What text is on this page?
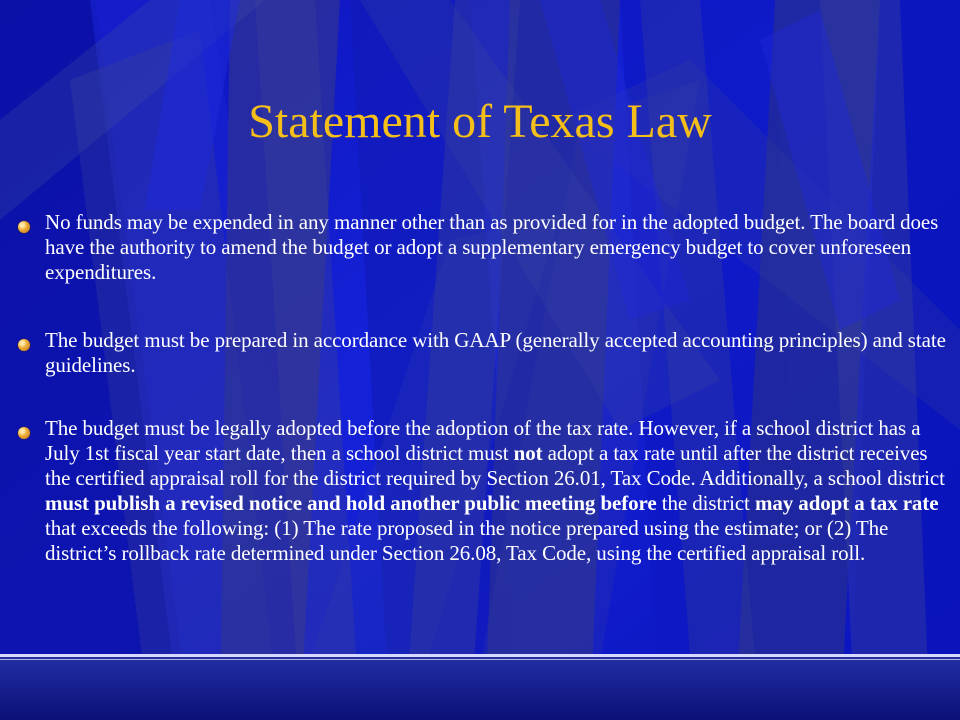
Statement of Texas Law
No funds may be expended in any manner other than as provided for in the adopted budget. The board does have the authority to amend the budget or adopt a supplementary emergency budget to cover unforeseen expenditures.
The budget must be prepared in accordance with GAAP (generally accepted accounting principles) and state guidelines.
The budget must be legally adopted before the adoption of the tax rate. However, if a school district has a July 1st fiscal year start date, then a school district must not adopt a tax rate until after the district receives the certified appraisal roll for the district required by Section 26.01, Tax Code. Additionally, a school district must publish a revised notice and hold another public meeting before the district may adopt a tax rate that exceeds the following: (1) The rate proposed in the notice prepared using the estimate; or (2) The district’s rollback rate determined under Section 26.08, Tax Code, using the certified appraisal roll.
